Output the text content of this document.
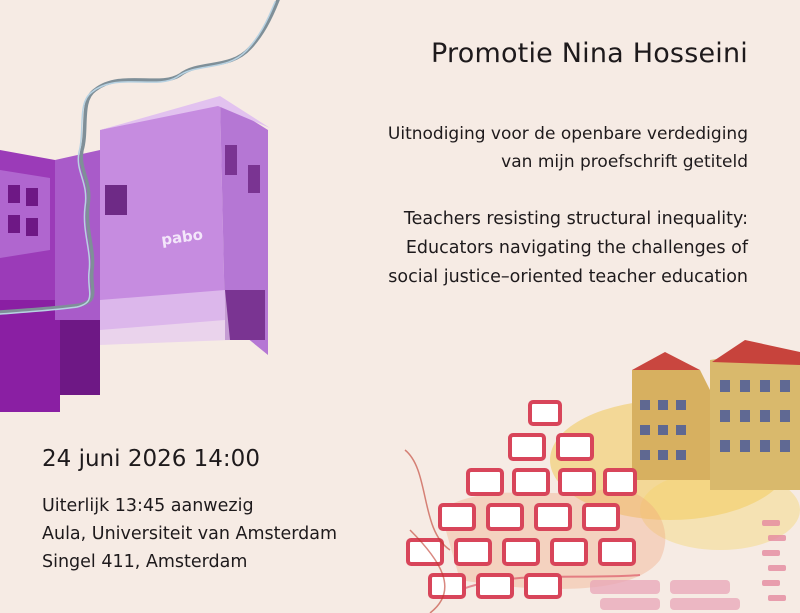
pabo
Promotie Nina Hosseini

Uitnodiging voor de openbare verdediging
van mijn proefschrift getiteld

Teachers resisting structural inequality:
Educators navigating the challenges of
social justice–oriented teacher education

24 juni 2026 14:00

Uiterlijk 13:45 aanwezig
Aula, Universiteit van Amsterdam
Singel 411, Amsterdam
